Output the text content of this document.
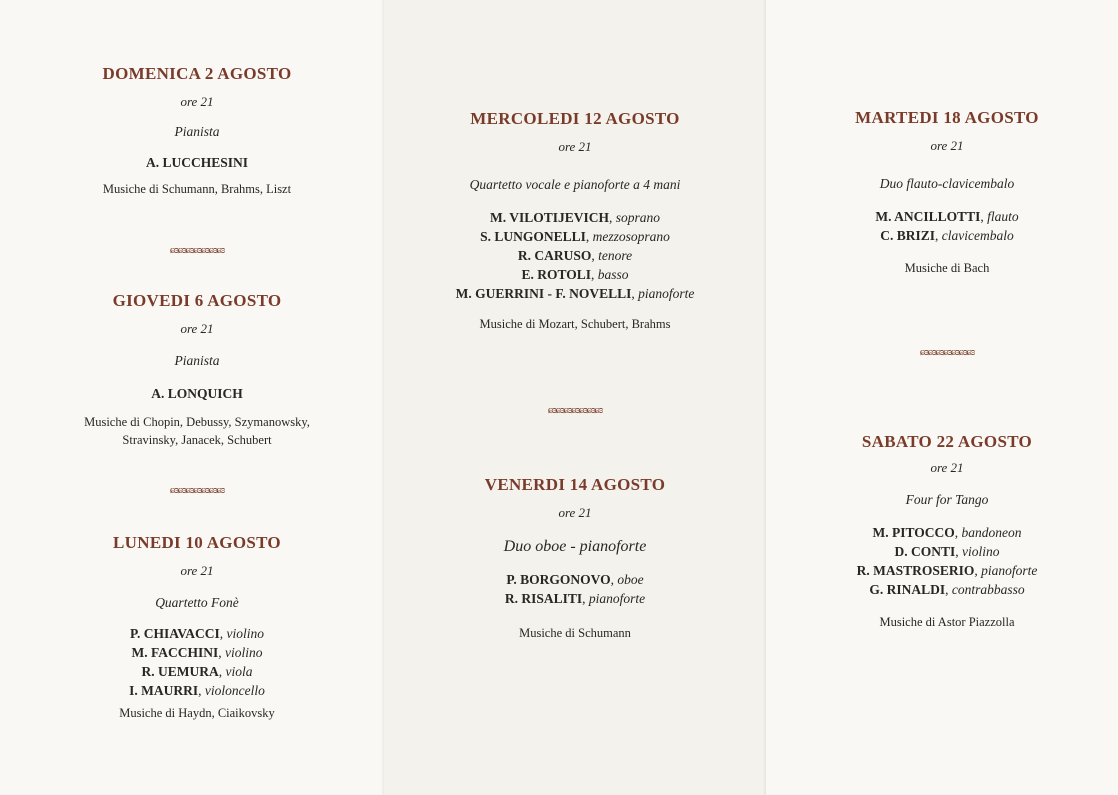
DOMENICA 2 AGOSTO
ore 21
Pianista
A. LUCCHESINI
Musiche di Schumann, Brahms, Liszt
ɕɞɕɞɕɞɕɞɕɞɕɞɕɞ
GIOVEDI 6 AGOSTO
ore 21
Pianista
A. LONQUICH
Musiche di Chopin, Debussy, Szymanowsky,
Stravinsky, Janacek, Schubert
ɕɞɕɞɕɞɕɞɕɞɕɞɕɞ
LUNEDI 10 AGOSTO
ore 21
Quartetto Fonè
P. CHIAVACCI, violino
M. FACCHINI, violino
R. UEMURA, viola
I. MAURRI, violoncello
Musiche di Haydn, Ciaikovsky
MERCOLEDI 12 AGOSTO
ore 21
Quartetto vocale e pianoforte a 4 mani
M. VILOTIJEVICH, soprano
S. LUNGONELLI, mezzosoprano
R. CARUSO, tenore
E. ROTOLI, basso
M. GUERRINI - F. NOVELLI, pianoforte
Musiche di Mozart, Schubert, Brahms
ɕɞɕɞɕɞɕɞɕɞɕɞɕɞ
VENERDI 14 AGOSTO
ore 21
Duo oboe - pianoforte
P. BORGONOVO, oboe
R. RISALITI, pianoforte
Musiche di Schumann
MARTEDI 18 AGOSTO
ore 21
Duo flauto-clavicembalo
M. ANCILLOTTI, flauto
C. BRIZI, clavicembalo
Musiche di Bach
ɕɞɕɞɕɞɕɞɕɞɕɞɕɞ
SABATO 22 AGOSTO
ore 21
Four for Tango
M. PITOCCO, bandoneon
D. CONTI, violino
R. MASTROSERIO, pianoforte
G. RINALDI, contrabbasso
Musiche di Astor Piazzolla
